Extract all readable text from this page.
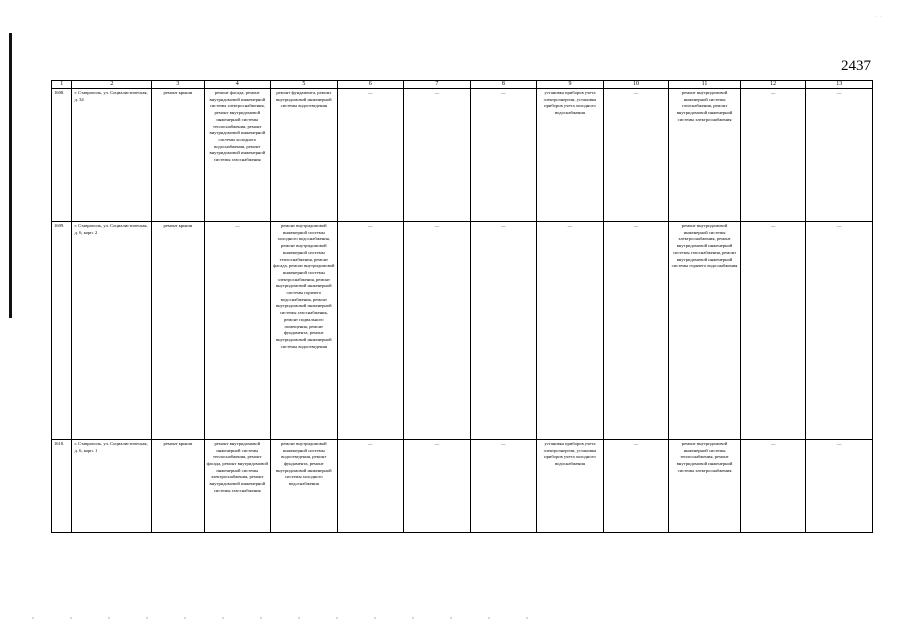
· ·
2437
1	2	3	4	5	6	7	8	9	10	11	12	13
1608.	г. Ставрополь, ул. Социалистическая, д. 34	ремонт крыши	ремонт фасада, ремонт внутридомовой инженерной системы электроснабжения, ремонт внутридомовой инженерной системы теплоснабжения, ремонт внутридомовой инженерной системы холодного водоснабжения, ремонт внутридомовой инженерной системы газоснабжения	ремонт фундамента, ремонт внутридомовой инженерной системы водоотведения	—	—	—	установка приборов учета электроэнергии, установка приборов учета холодного водоснабжения	—	ремонт внутридомовой инженерной системы газоснабжения, ремонт внутридомовой инженерной системы электроснабжения	—	—
1609.	г. Ставрополь, ул. Социалистическая, д. 6, корп. 2	ремонт крыши	—	ремонт внутридомовой инженерной системы холодного водоснабжения, ремонт внутридомовой инженерной системы теплоснабжения, ремонт фасада, ремонт внутридомовой инженерной системы электроснабжения, ремонт внутридомовой инженерной системы горячего водоснабжения, ремонт внутридомовой инженерной системы газоснабжения, ремонт подвального помещения, ремонт фундамента, ремонт внутридомовой инженерной системы водоотведения	—	—	—	—	—	ремонт внутридомовой инженерной системы электроснабжения, ремонт внутридомовой инженерной системы газоснабжения, ремонт внутридомовой инженерной системы горячего водоснабжения	—	—
1610.	г. Ставрополь, ул. Социалистическая, д. 6, корп. 1	ремонт крыши	ремонт внутридомовой инженерной системы теплоснабжения, ремонт фасада, ремонт внутридомовой инженерной системы электроснабжения, ремонт внутридомовой инженерной системы газоснабжения	ремонт внутридомовой инженерной системы водоотведения, ремонт фундамента, ремонт внутридомовой инженерной системы холодного водоснабжения	—	—	—	установка приборов учета электроэнергии, установка приборов учета холодного водоснабжения	—	ремонт внутридомовой инженерной системы теплоснабжения, ремонт внутридомовой инженерной системы электроснабжения	—	—
